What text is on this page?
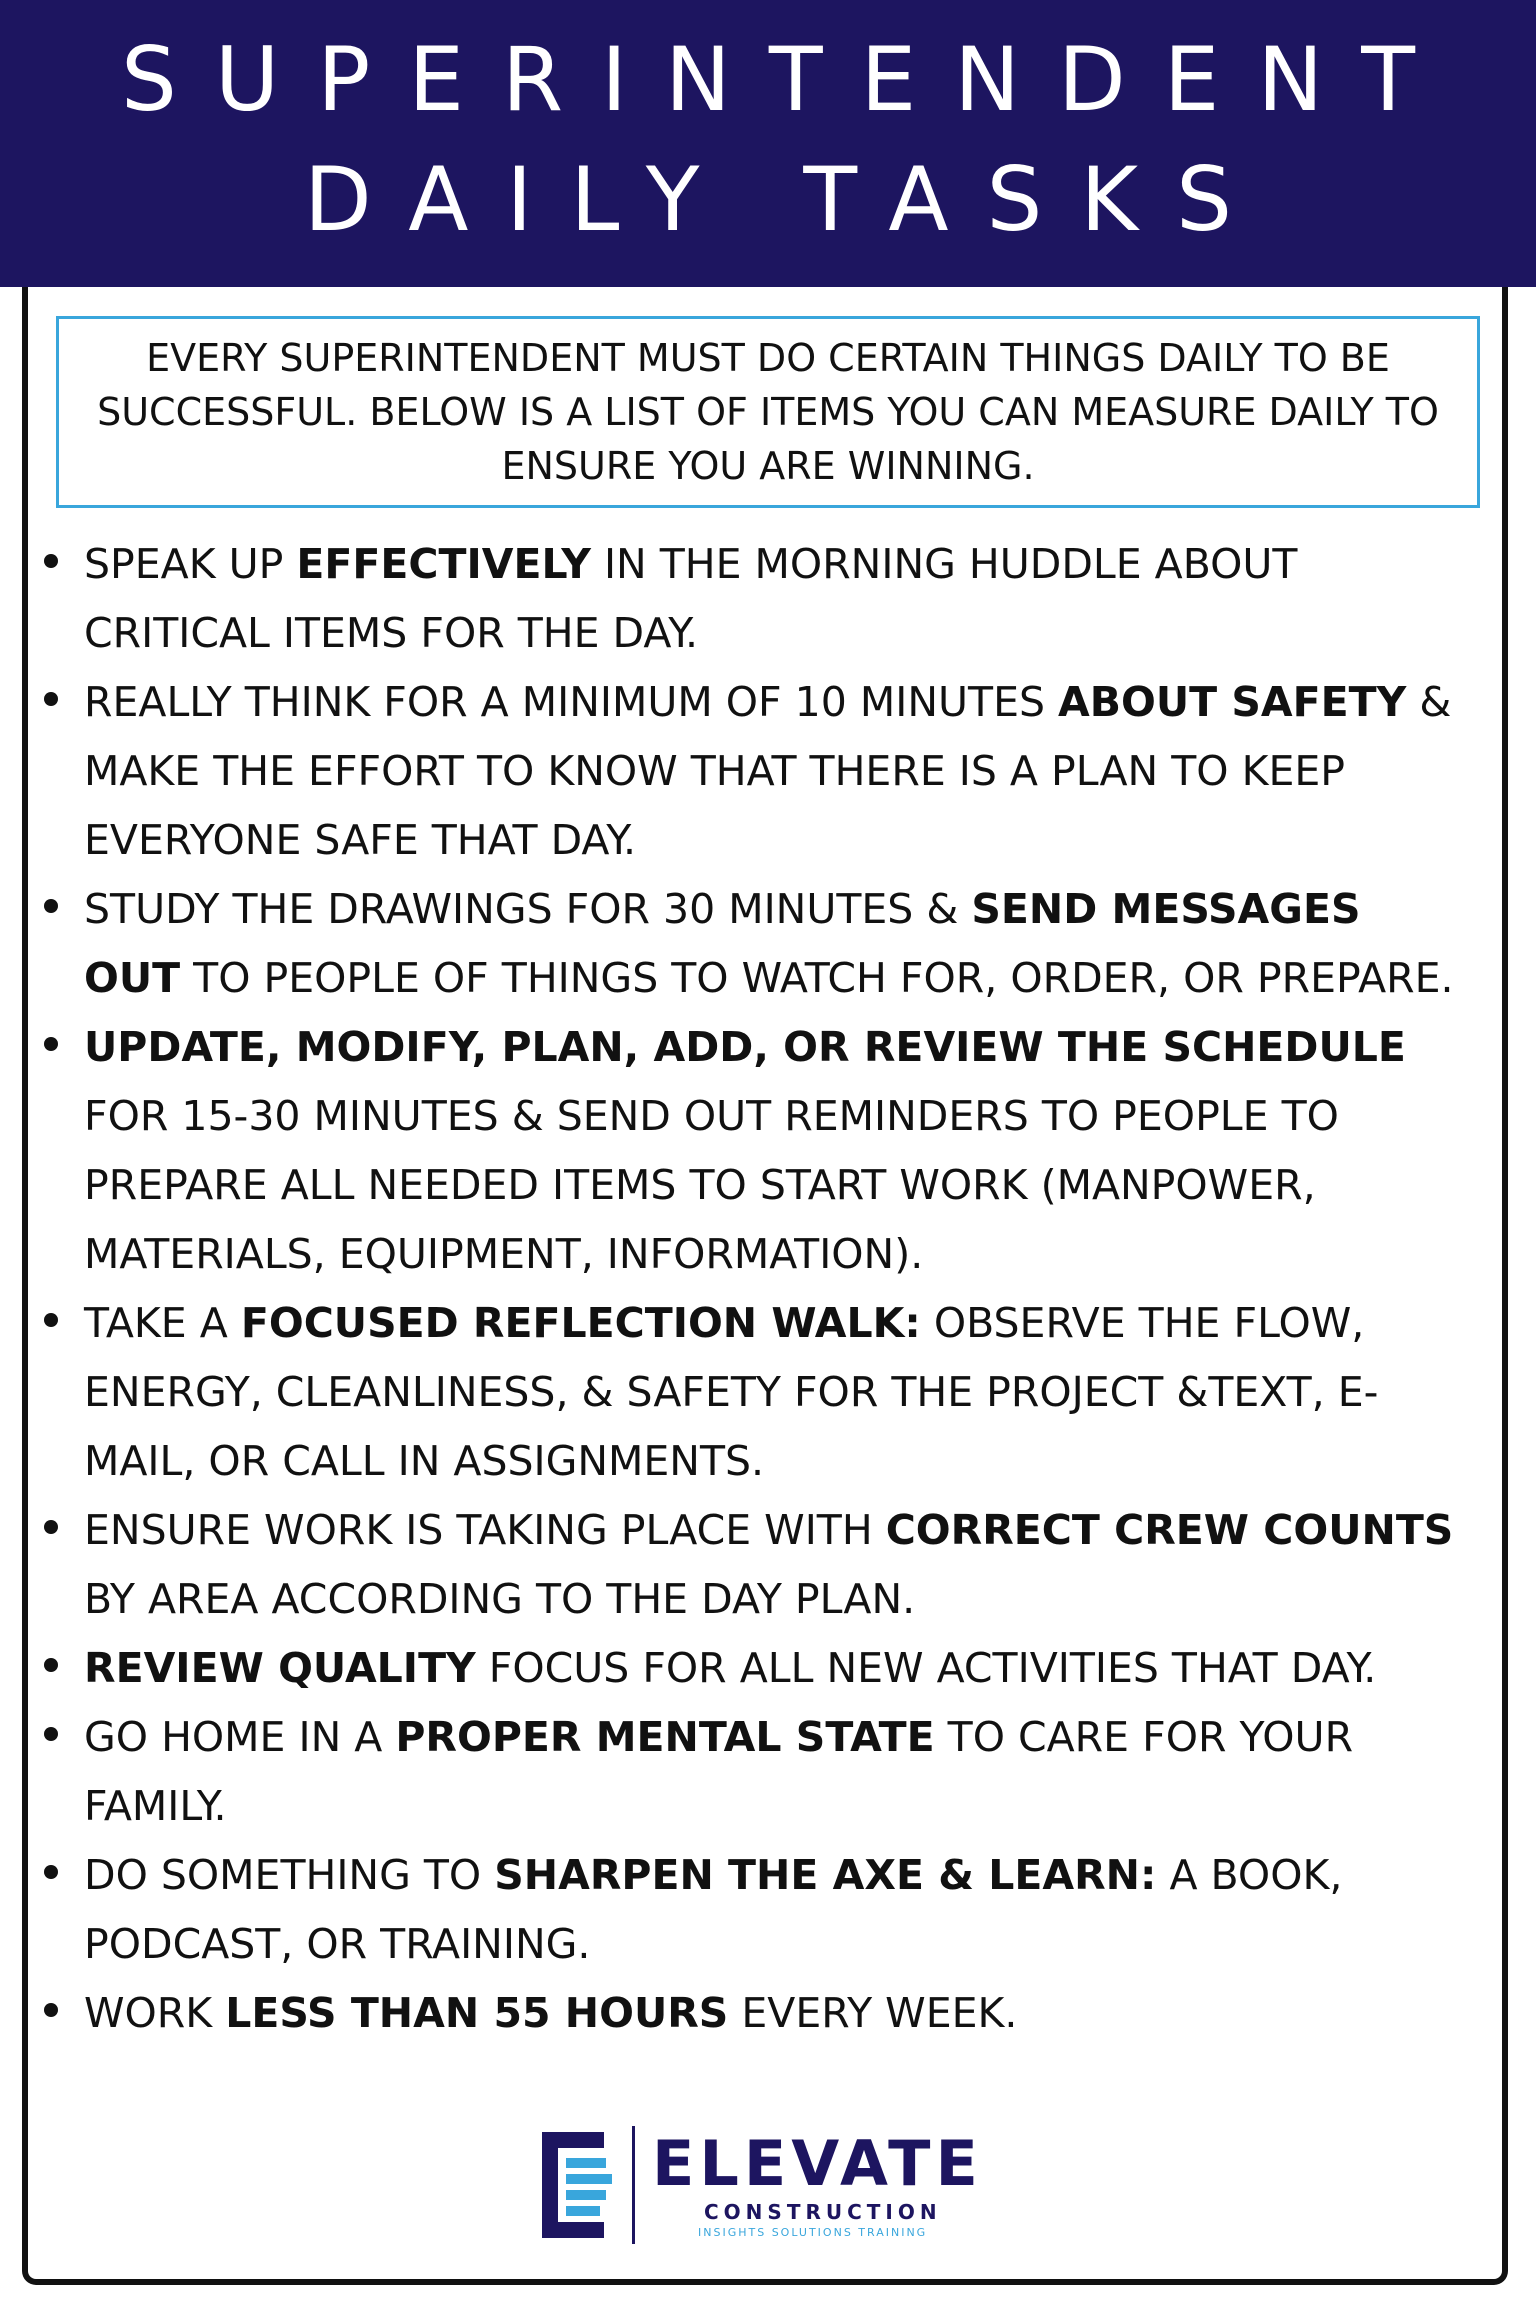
SUPERINTENDENT
DAILY TASKS
EVERY SUPERINTENDENT MUST DO CERTAIN THINGS DAILY TO BE SUCCESSFUL. BELOW IS A LIST OF ITEMS YOU CAN MEASURE DAILY TO ENSURE YOU ARE WINNING.
SPEAK UP EFFECTIVELY IN THE MORNING HUDDLE ABOUT CRITICAL ITEMS FOR THE DAY.
REALLY THINK FOR A MINIMUM OF 10 MINUTES ABOUT SAFETY & MAKE THE EFFORT TO KNOW THAT THERE IS A PLAN TO KEEP EVERYONE SAFE THAT DAY.
STUDY THE DRAWINGS FOR 30 MINUTES & SEND MESSAGES OUT TO PEOPLE OF THINGS TO WATCH FOR, ORDER, OR PREPARE.
UPDATE, MODIFY, PLAN, ADD, OR REVIEW THE SCHEDULE FOR 15-30 MINUTES & SEND OUT REMINDERS TO PEOPLE TO PREPARE ALL NEEDED ITEMS TO START WORK (MANPOWER, MATERIALS, EQUIPMENT, INFORMATION).
TAKE A FOCUSED REFLECTION WALK: OBSERVE THE FLOW, ENERGY, CLEANLINESS, & SAFETY FOR THE PROJECT &TEXT, E-MAIL, OR CALL IN ASSIGNMENTS.
ENSURE WORK IS TAKING PLACE WITH CORRECT CREW COUNTS BY AREA ACCORDING TO THE DAY PLAN.
REVIEW QUALITY FOCUS FOR ALL NEW ACTIVITIES THAT DAY.
GO HOME IN A PROPER MENTAL STATE TO CARE FOR YOUR FAMILY.
DO SOMETHING TO SHARPEN THE AXE & LEARN: A BOOK, PODCAST, OR TRAINING.
WORK LESS THAN 55 HOURS EVERY WEEK.
ELEVATE
CONSTRUCTION
INSIGHTS SOLUTIONS TRAINING
